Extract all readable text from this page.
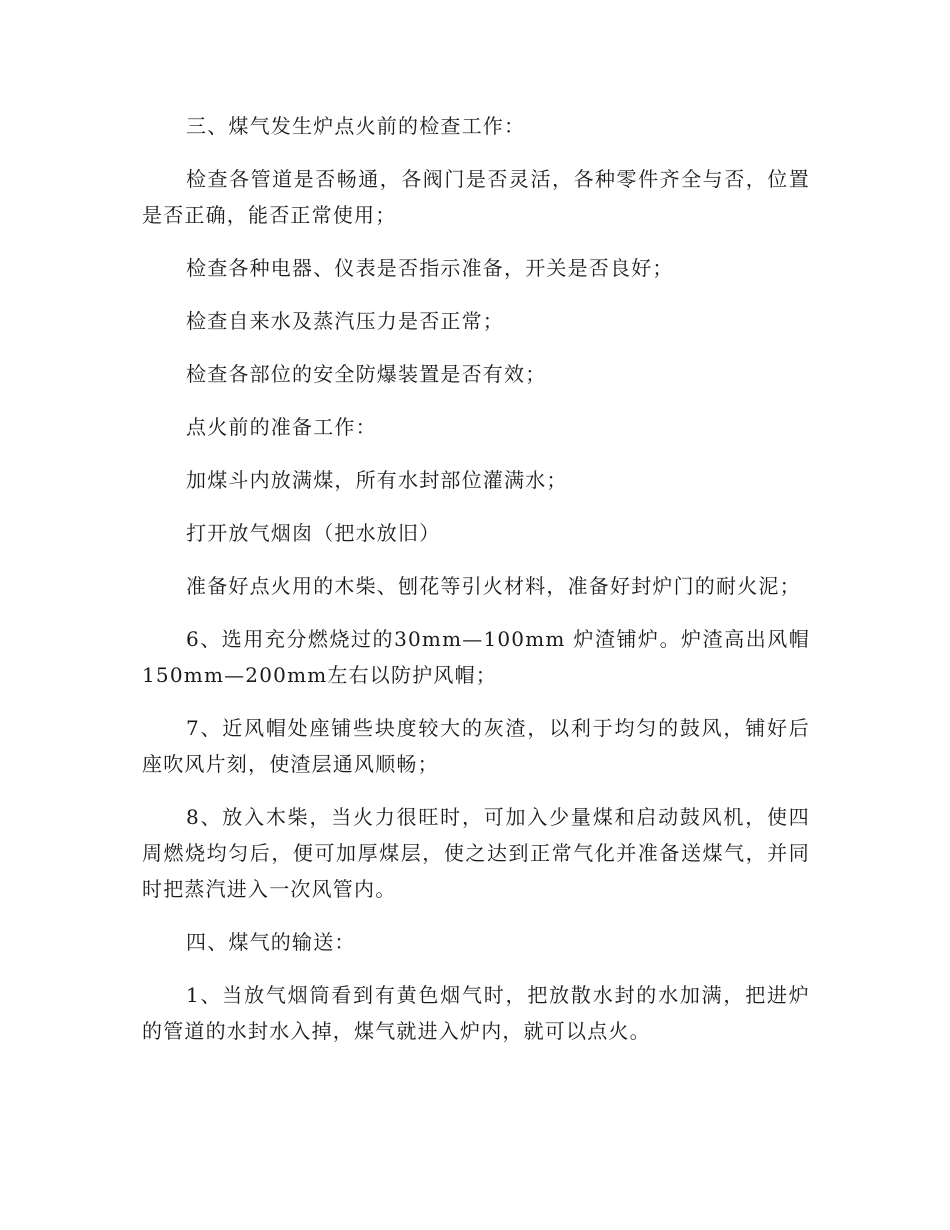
三、煤气发生炉点火前的检查工作：

检查各管道是否畅通，各阀门是否灵活，各种零件齐全与否，位置是否正确，能否正常使用；

检查各种电器、仪表是否指示准备，开关是否良好；

检查自来水及蒸汽压力是否正常；

检查各部位的安全防爆装置是否有效；

点火前的准备工作：

加煤斗内放满煤，所有水封部位灌满水；

打开放气烟囱（把水放旧）

准备好点火用的木柴、刨花等引火材料，准备好封炉门的耐火泥；

6、选用充分燃烧过的30mm—100mm 炉渣铺炉。炉渣高出风帽150mm—200mm左右以防护风帽；

7、近风帽处座铺些块度较大的灰渣，以利于均匀的鼓风，铺好后座吹风片刻，使渣层通风顺畅；

8、放入木柴，当火力很旺时，可加入少量煤和启动鼓风机，使四周燃烧均匀后，便可加厚煤层，使之达到正常气化并准备送煤气，并同时把蒸汽进入一次风管内。

四、煤气的输送：

1、当放气烟筒看到有黄色烟气时，把放散水封的水加满，把进炉的管道的水封水入掉，煤气就进入炉内，就可以点火。
